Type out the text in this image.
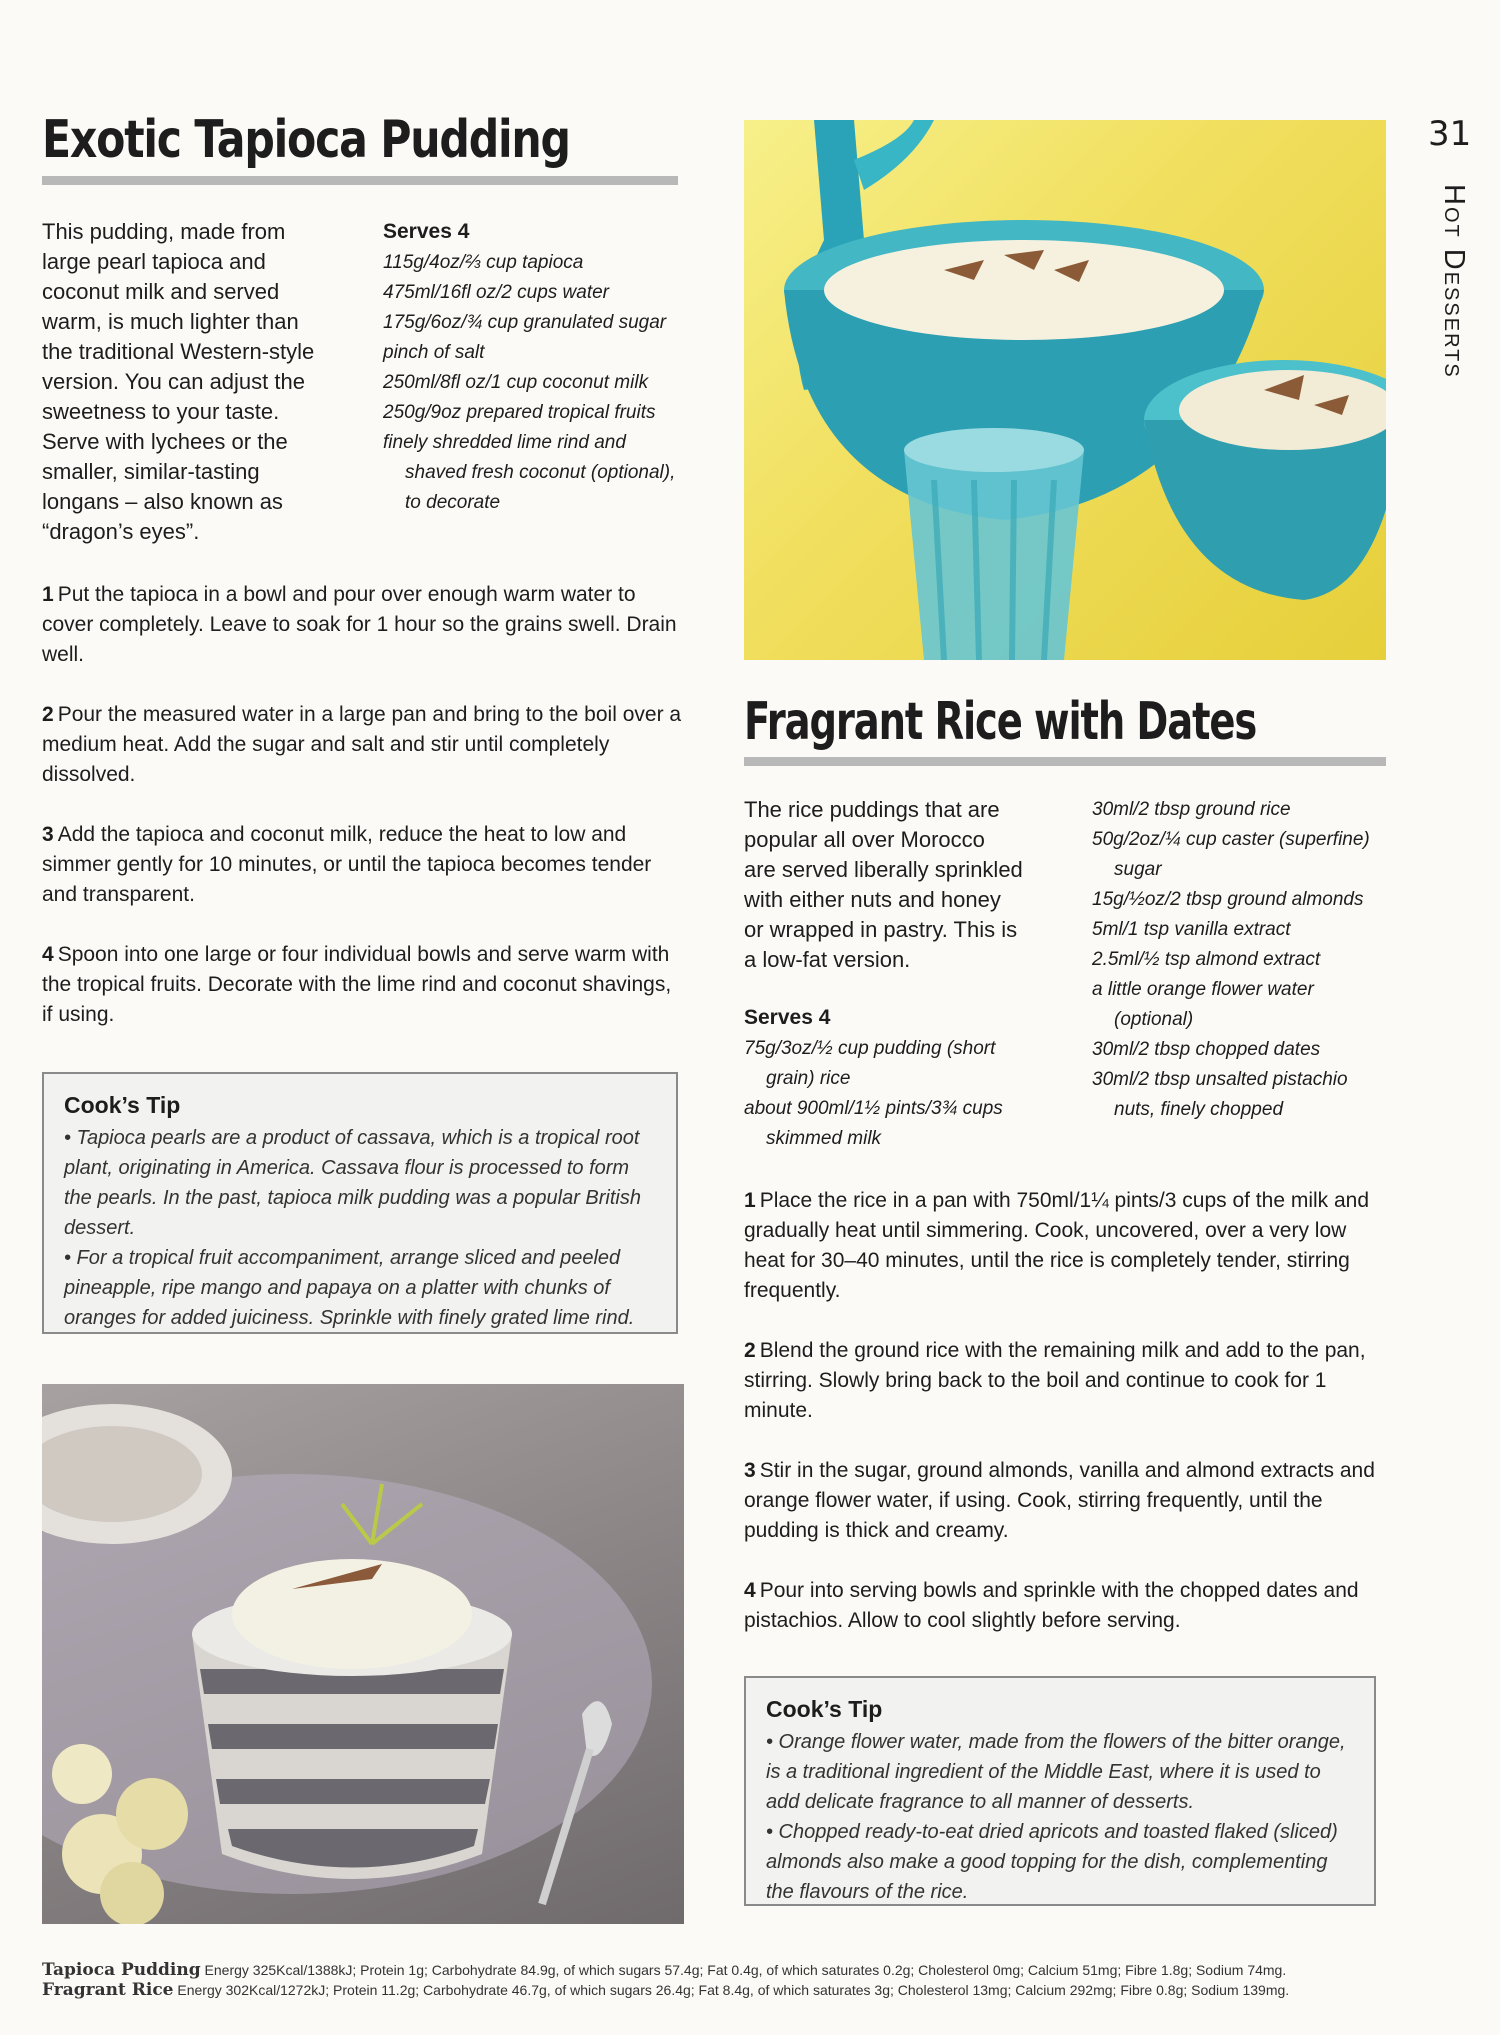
Exotic Tapioca Pudding

This pudding, made from

large pearl tapioca and

coconut milk and served

warm, is much lighter than

the traditional Western-style

version. You can adjust the

sweetness to your taste.

Serve with lychees or the

smaller, similar-tasting

longans – also known as

“dragon’s eyes”.

Serves 4
115g/4oz/⅔ cup tapioca
475ml/16fl oz/2 cups water
175g/6oz/¾ cup granulated sugar
pinch of salt
250ml/8fl oz/1 cup coconut milk
250g/9oz prepared tropical fruits
finely shredded lime rind and shaved fresh coconut (optional), to decorate

1 Put the tapioca in a bowl and pour over enough warm water to cover completely. Leave to soak for 1 hour so the grains swell. Drain well.

2 Pour the measured water in a large pan and bring to the boil over a medium heat. Add the sugar and salt and stir until completely dissolved.

3 Add the tapioca and coconut milk, reduce the heat to low and simmer gently for 10 minutes, or until the tapioca becomes tender and transparent.

4 Spoon into one large or four individual bowls and serve warm with the tropical fruits. Decorate with the lime rind and coconut shavings, if using.

Cook’s Tip

• Tapioca pearls are a product of cassava, which is a tropical root plant, originating in America. Cassava flour is processed to form the pearls. In the past, tapioca milk pudding was a popular British dessert.

• For a tropical fruit accompaniment, arrange sliced and peeled pineapple, ripe mango and papaya on a platter with chunks of oranges for added juiciness. Sprinkle with finely grated lime rind.

Fragrant Rice with Dates

The rice puddings that are

popular all over Morocco

are served liberally sprinkled

with either nuts and honey

or wrapped in pastry. This is

a low-fat version.

Serves 4
75g/3oz/½ cup pudding (short grain) rice
about 900ml/1½ pints/3¾ cups skimmed milk
30ml/2 tbsp ground rice
50g/2oz/¼ cup caster (superfine) sugar
15g/½oz/2 tbsp ground almonds
5ml/1 tsp vanilla extract
2.5ml/½ tsp almond extract
a little orange flower water (optional)
30ml/2 tbsp chopped dates
30ml/2 tbsp unsalted pistachio nuts, finely chopped

1 Place the rice in a pan with 750ml/1¼ pints/3 cups of the milk and gradually heat until simmering. Cook, uncovered, over a very low heat for 30–40 minutes, until the rice is completely tender, stirring frequently.

2 Blend the ground rice with the remaining milk and add to the pan, stirring. Slowly bring back to the boil and continue to cook for 1 minute.

3 Stir in the sugar, ground almonds, vanilla and almond extracts and orange flower water, if using. Cook, stirring frequently, until the pudding is thick and creamy.

4 Pour into serving bowls and sprinkle with the chopped dates and pistachios. Allow to cool slightly before serving.

Cook’s Tip

• Orange flower water, made from the flowers of the bitter orange, is a traditional ingredient of the Middle East, where it is used to add delicate fragrance to all manner of desserts.

• Chopped ready-to-eat dried apricots and toasted flaked (sliced) almonds also make a good topping for the dish, complementing the flavours of the rice.

31
Hot Desserts
Tapioca Pudding Energy 325Kcal/1388kJ; Protein 1g; Carbohydrate 84.9g, of which sugars 57.4g; Fat 0.4g, of which saturates 0.2g; Cholesterol 0mg; Calcium 51mg; Fibre 1.8g; Sodium 74mg.
Fragrant Rice Energy 302Kcal/1272kJ; Protein 11.2g; Carbohydrate 46.7g, of which sugars 26.4g; Fat 8.4g, of which saturates 3g; Cholesterol 13mg; Calcium 292mg; Fibre 0.8g; Sodium 139mg.
